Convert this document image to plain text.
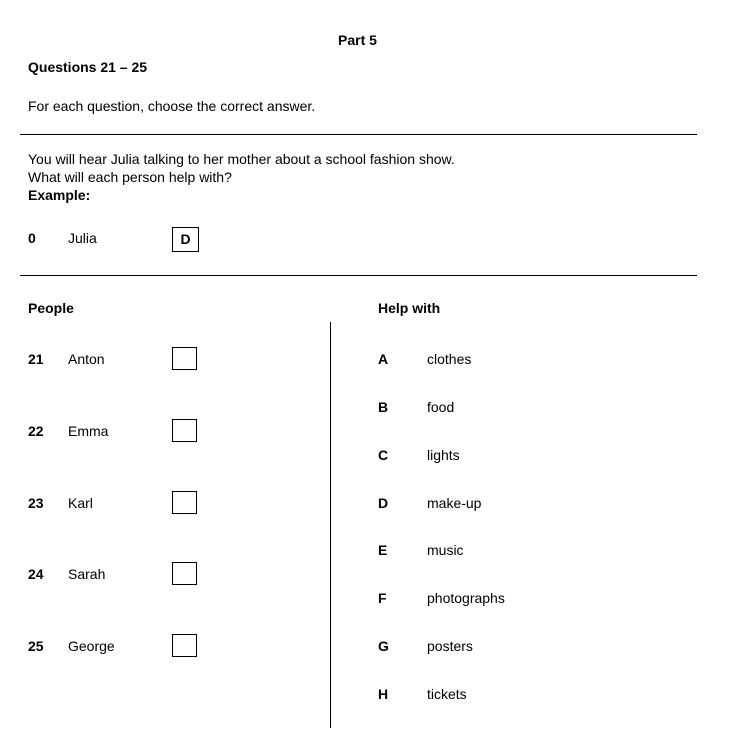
Part 5
Questions 21 – 25
For each question, choose the correct answer.
You will hear Julia talking to her mother about a school fashion show.
What will each person help with?
Example:
0 Julia	D
People	Help with
21 Anton
22 Emma
23 Karl
24 Sarah
25 George
A	clothes
B	food
C	lights
D	make-up
E	music
F	photographs
G	posters
H	tickets
